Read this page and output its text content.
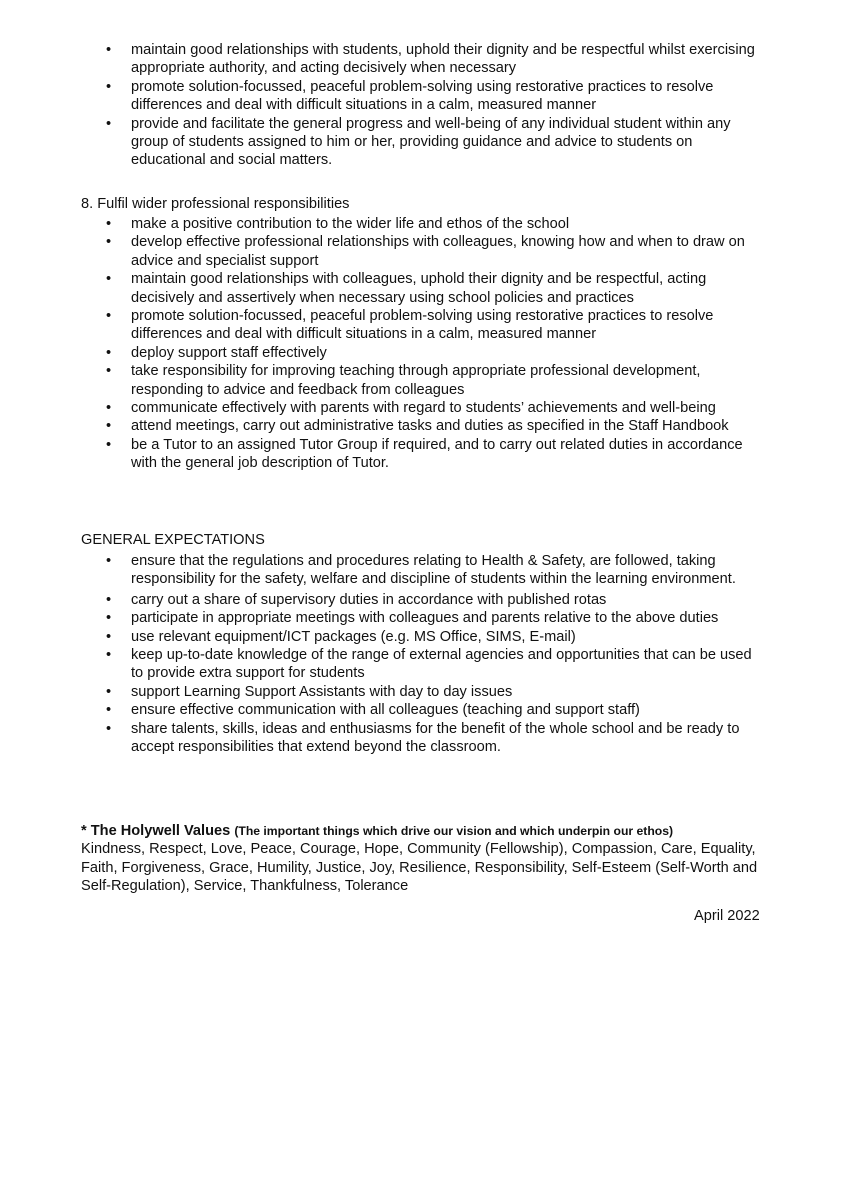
• maintain good relationships with students, uphold their dignity and be respectful whilst exercising appropriate authority, and acting decisively when necessary
• promote solution-focussed, peaceful problem-solving using restorative practices to resolve differences and deal with difficult situations in a calm, measured manner
• provide and facilitate the general progress and well-being of any individual student within any group of students assigned to him or her, providing guidance and advice to students on educational and social matters.
8. Fulfil wider professional responsibilities
• make a positive contribution to the wider life and ethos of the school
• develop effective professional relationships with colleagues, knowing how and when to draw on advice and specialist support
• maintain good relationships with colleagues, uphold their dignity and be respectful, acting decisively and assertively when necessary using school policies and practices
• promote solution-focussed, peaceful problem-solving using restorative practices to resolve differences and deal with difficult situations in a calm, measured manner
• deploy support staff effectively
• take responsibility for improving teaching through appropriate professional development, responding to advice and feedback from colleagues
• communicate effectively with parents with regard to students’ achievements and well-being
• attend meetings, carry out administrative tasks and duties as specified in the Staff Handbook
• be a Tutor to an assigned Tutor Group if required, and to carry out related duties in accordance with the general job description of Tutor.
GENERAL EXPECTATIONS
• ensure that the regulations and procedures relating to Health & Safety, are followed, taking responsibility for the safety, welfare and discipline of students within the learning environment.
• carry out a share of supervisory duties in accordance with published rotas
• participate in appropriate meetings with colleagues and parents relative to the above duties
• use relevant equipment/ICT packages (e.g. MS Office, SIMS, E-mail)
• keep up-to-date knowledge of the range of external agencies and opportunities that can be used to provide extra support for students
• support Learning Support Assistants with day to day issues
• ensure effective communication with all colleagues (teaching and support staff)
• share talents, skills, ideas and enthusiasms for the benefit of the whole school and be ready to accept responsibilities that extend beyond the classroom.
* The Holywell Values (The important things which drive our vision and which underpin our ethos)
Kindness, Respect, Love, Peace, Courage, Hope, Community (Fellowship), Compassion, Care, Equality, Faith, Forgiveness, Grace, Humility, Justice, Joy, Resilience, Responsibility, Self-Esteem (Self-Worth and Self-Regulation), Service, Thankfulness, Tolerance
April 2022
